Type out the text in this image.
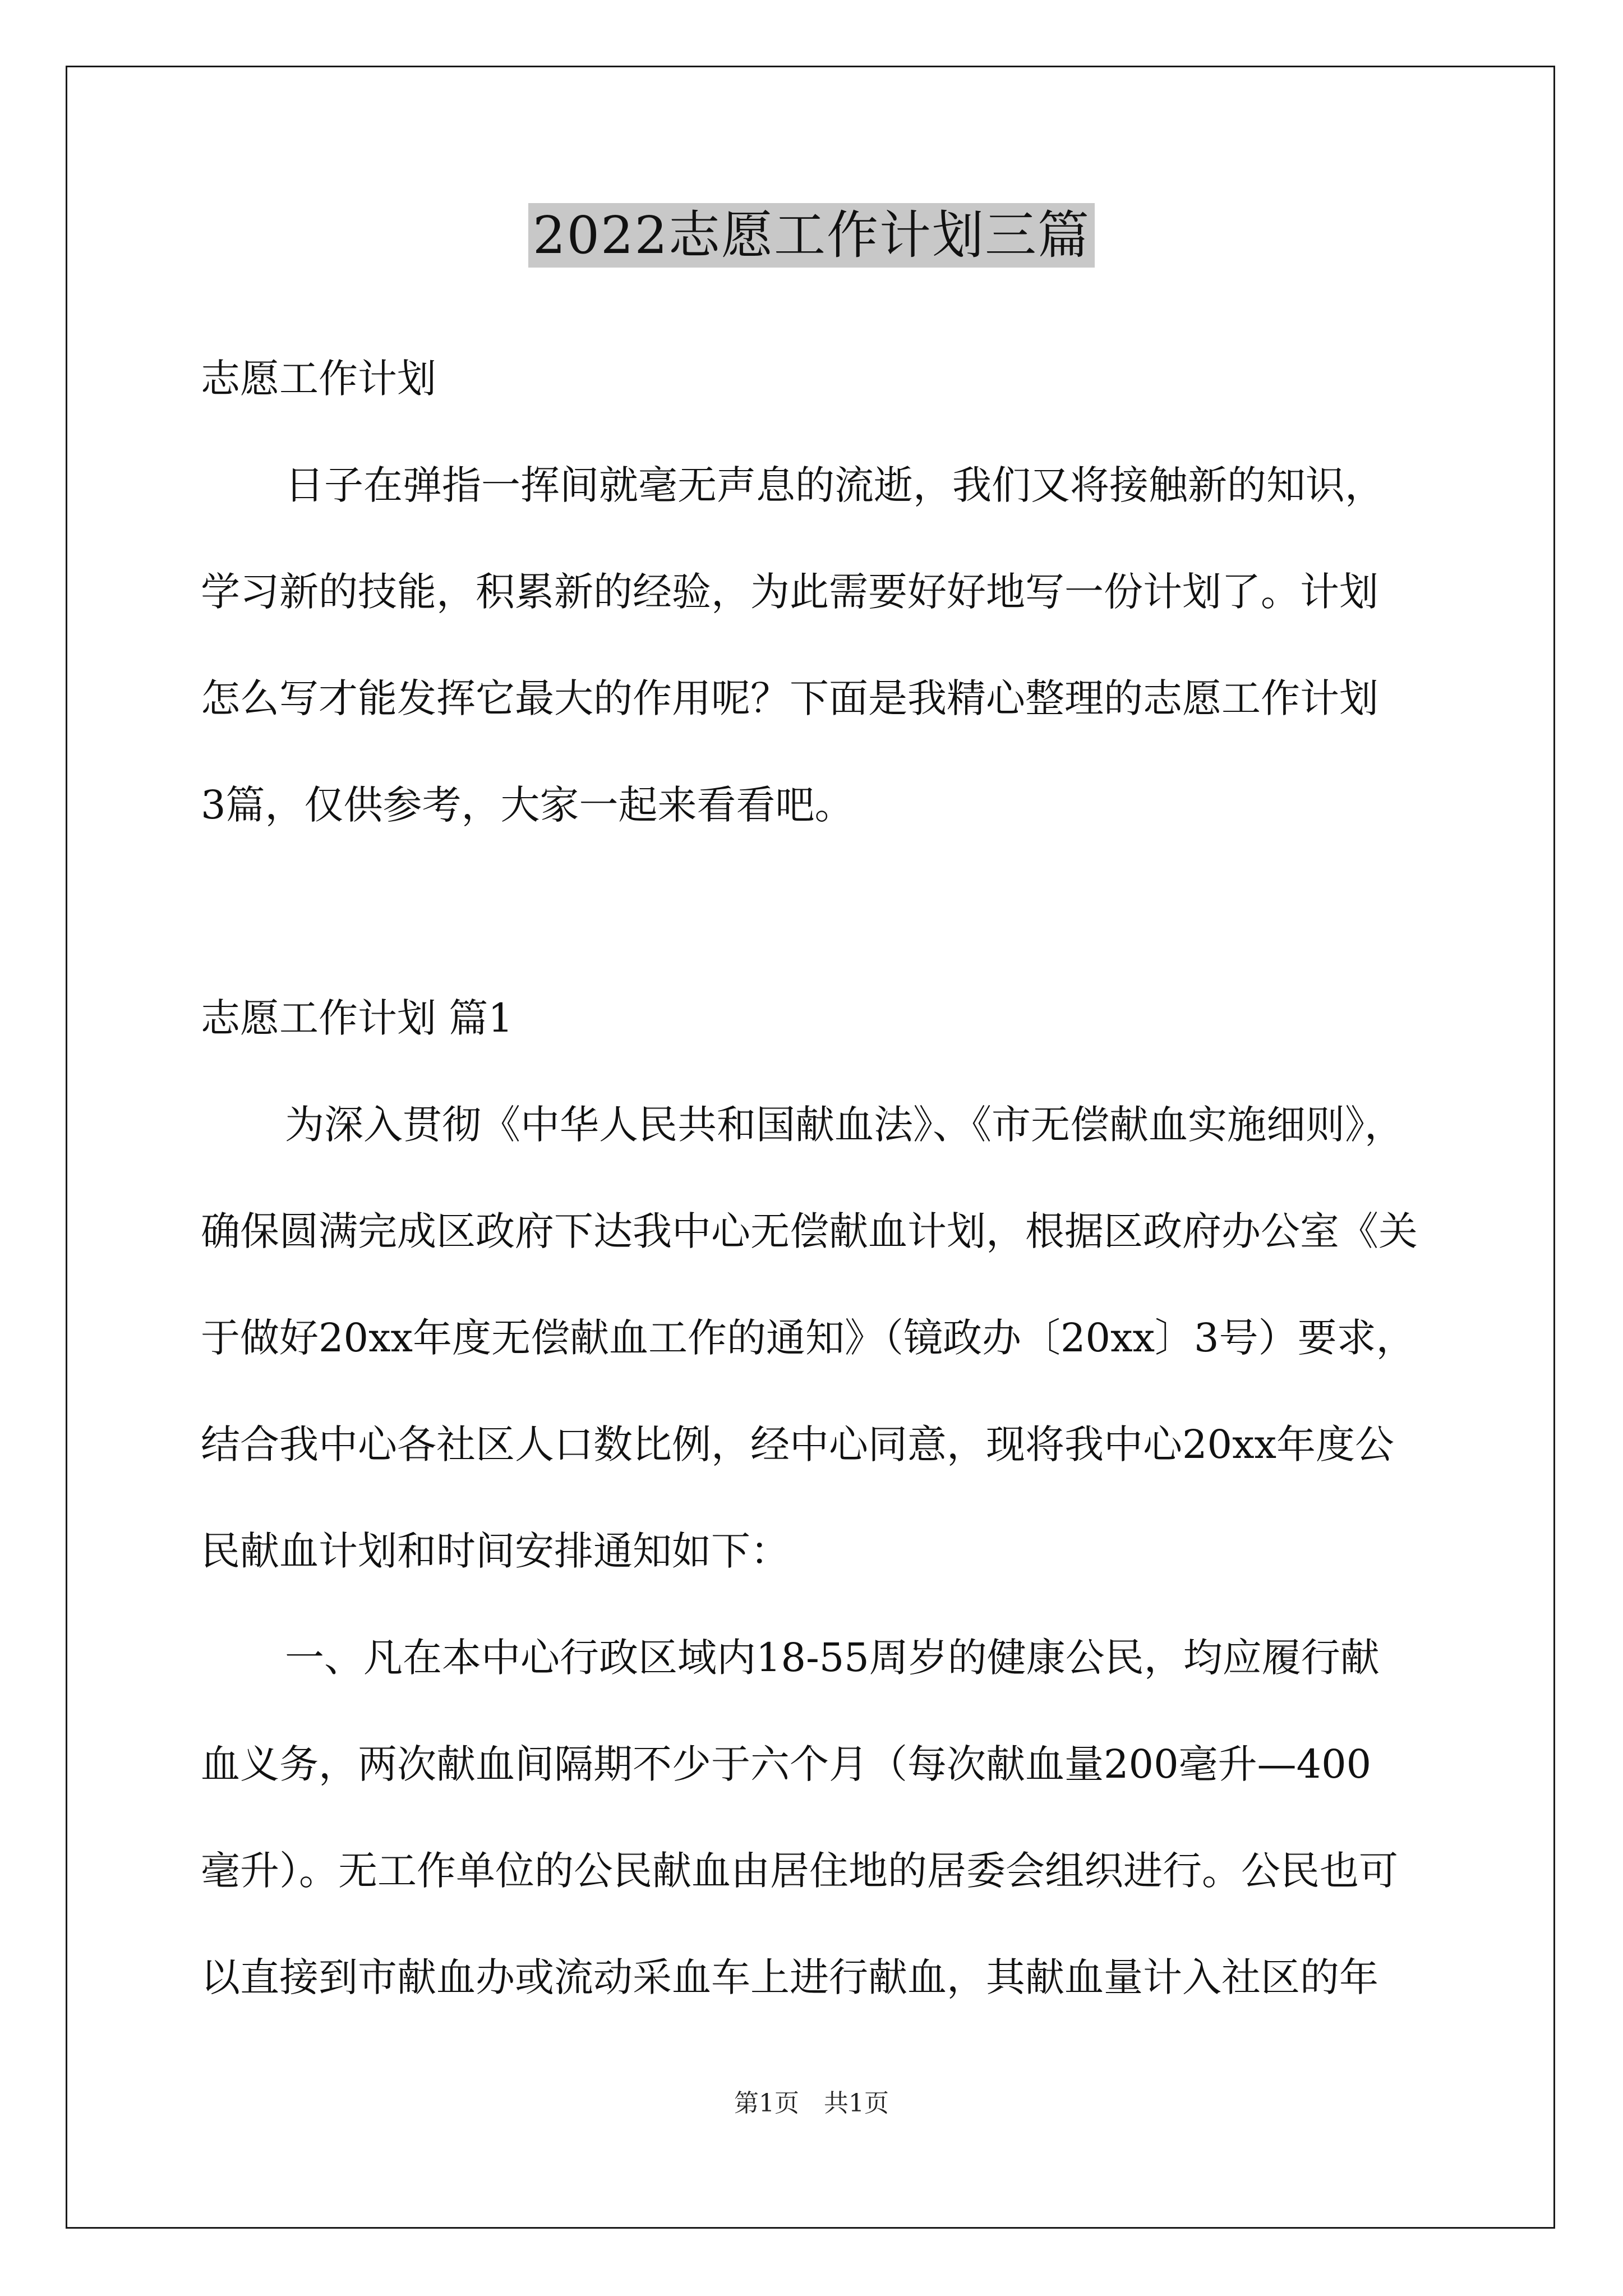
2022志愿工作计划三篇
志愿工作计划
日子在弹指一挥间就毫无声息的流逝，我们又将接触新的知识，
学习新的技能，积累新的经验，为此需要好好地写一份计划了。计划
怎么写才能发挥它最大的作用呢？下面是我精心整理的志愿工作计划
3篇，仅供参考，大家一起来看看吧。
志愿工作计划 篇1
为深入贯彻《中华人民共和国献血法》、《市无偿献血实施细则》，
确保圆满完成区政府下达我中心无偿献血计划，根据区政府办公室《关
于做好20xx年度无偿献血工作的通知》（镜政办〔20xx〕3号）要求，
结合我中心各社区人口数比例，经中心同意，现将我中心20xx年度公
民献血计划和时间安排通知如下：
一、凡在本中心行政区域内18-55周岁的健康公民，均应履行献
血义务，两次献血间隔期不少于六个月（每次献血量200毫升—400
毫升）。无工作单位的公民献血由居住地的居委会组织进行。公民也可
以直接到市献血办或流动采血车上进行献血，其献血量计入社区的年
第1页　共1页
